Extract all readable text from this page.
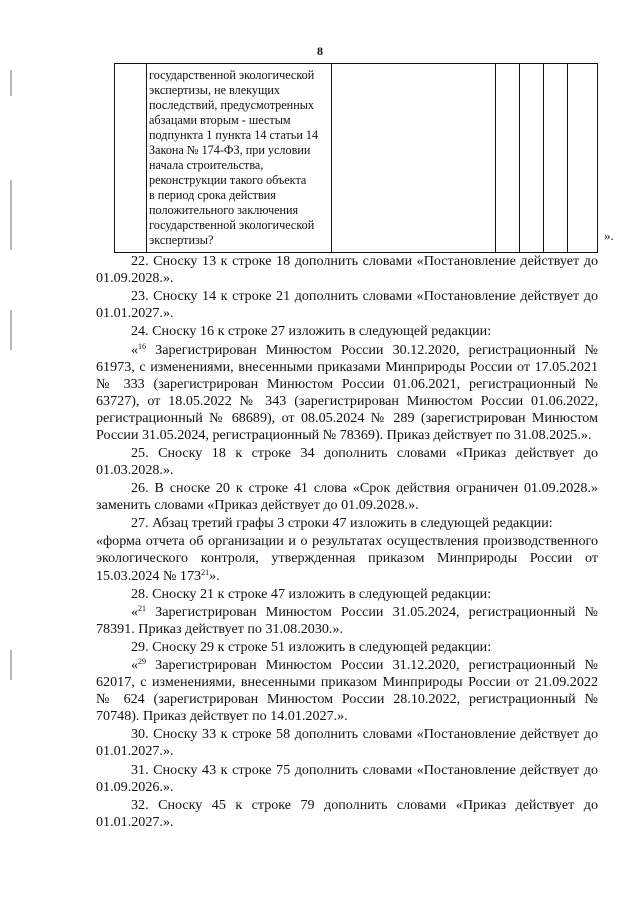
8

государственной экологической
экспертизы, не влекущих
последствий, предусмотренных
абзацами вторым - шестым
подпункта 1 пункта 14 статьи 14
Закона № 174-ФЗ, при условии
начала строительства,
реконструкции такого объекта
в период срока действия
положительного заключения
государственной экологической
экспертизы?
						».

22. Сноску 13 к строке 18 дополнить словами «Постановление действует до 01.09.2028.».

23. Сноску 14 к строке 21 дополнить словами «Постановление действует до 01.01.2027.».

24. Сноску 16 к строке 27 изложить в следующей редакции:

«$^{16}$ Зарегистрирован Минюстом России 30.12.2020, регистрационный № 61973, с изменениями, внесенными приказами Минприроды России от 17.05.2021 № 333 (зарегистрирован Минюстом России 01.06.2021, регистрационный № 63727), от 18.05.2022 № 343 (зарегистрирован Минюстом России 01.06.2022, регистрационный № 68689), от 08.05.2024 № 289 (зарегистрирован Минюстом России 31.05.2024, регистрационный № 78369). Приказ действует по 31.08.2025.».

25. Сноску 18 к строке 34 дополнить словами «Приказ действует до 01.03.2028.».

26. В сноске 20 к строке 41 слова «Срок действия ограничен 01.09.2028.» заменить словами «Приказ действует до 01.09.2028.».

27. Абзац третий графы 3 строки 47 изложить в следующей редакции:

«форма отчета об организации и о результатах осуществления производственного экологического контроля, утвержденная приказом Минприроды России от 15.03.2024 № $173^{21}$».

28. Сноску 21 к строке 47 изложить в следующей редакции:

«$^{21}$ Зарегистрирован Минюстом России 31.05.2024, регистрационный № 78391. Приказ действует по 31.08.2030.».

29. Сноску 29 к строке 51 изложить в следующей редакции:

«$^{29}$ Зарегистрирован Минюстом России 31.12.2020, регистрационный № 62017, с изменениями, внесенными приказом Минприроды России от 21.09.2022 № 624 (зарегистрирован Минюстом России 28.10.2022, регистрационный № 70748). Приказ действует по 14.01.2027.».

30. Сноску 33 к строке 58 дополнить словами «Постановление действует до 01.01.2027.».

31. Сноску 43 к строке 75 дополнить словами «Постановление действует до 01.09.2026.».

32. Сноску 45 к строке 79 дополнить словами «Приказ действует до 01.01.2027.».
